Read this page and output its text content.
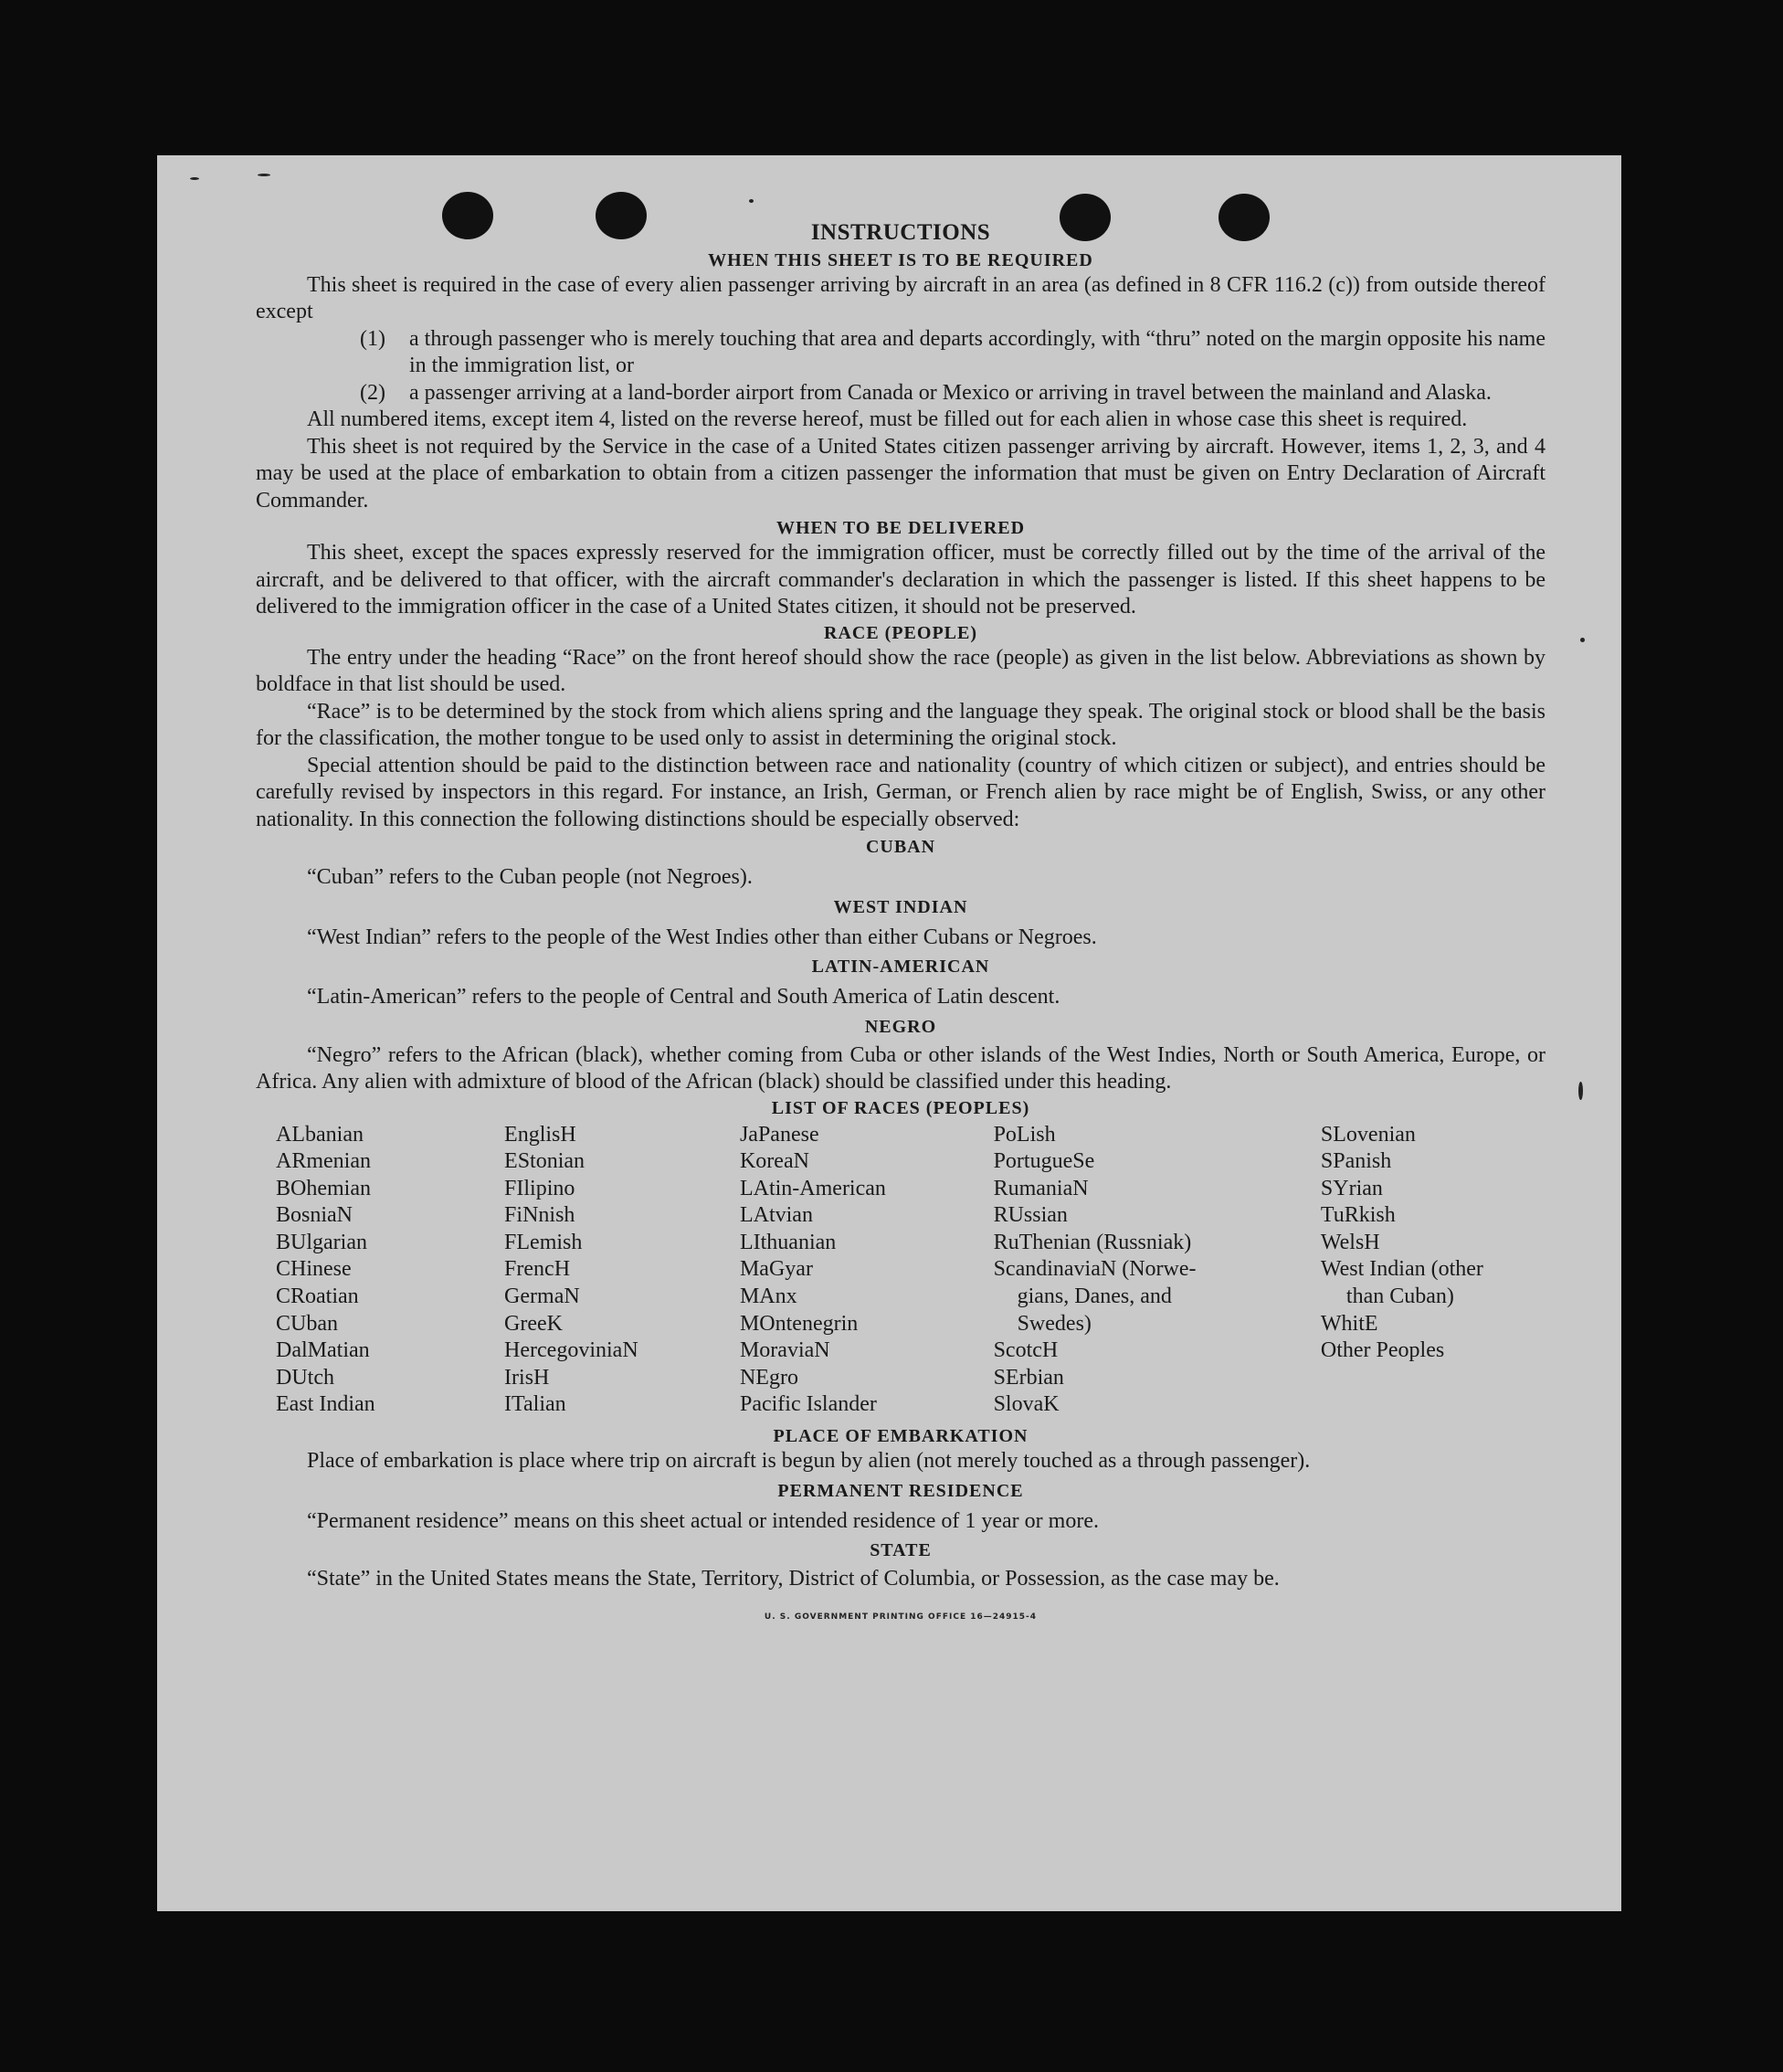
INSTRUCTIONS
WHEN THIS SHEET IS TO BE REQUIRED

This sheet is required in the case of every alien passenger arriving by aircraft in an area (as defined in 8 CFR 116.2 (c)) from outside thereof except

(1)	a through passenger who is merely touching that area and departs accordingly, with “thru” noted on the margin opposite his name in the immigration list, or
(2)	a passenger arriving at a land-border airport from Canada or Mexico or arriving in travel between the mainland and Alaska.

All numbered items, except item 4, listed on the reverse hereof, must be filled out for each alien in whose case this sheet is required.

This sheet is not required by the Service in the case of a United States citizen passenger arriving by aircraft. However, items 1, 2, 3, and 4 may be used at the place of embarkation to obtain from a citizen passenger the information that must be given on Entry Declaration of Aircraft Commander.

WHEN TO BE DELIVERED

This sheet, except the spaces expressly reserved for the immigration officer, must be correctly filled out by the time of the arrival of the aircraft, and be delivered to that officer, with the aircraft commander's declaration in which the passenger is listed. If this sheet happens to be delivered to the immigration officer in the case of a United States citizen, it should not be preserved.

RACE (PEOPLE)

The entry under the heading “Race” on the front hereof should show the race (people) as given in the list below. Abbreviations as shown by boldface in that list should be used.

“Race” is to be determined by the stock from which aliens spring and the language they speak. The original stock or blood shall be the basis for the classification, the mother tongue to be used only to assist in determining the original stock.

Special attention should be paid to the distinction between race and nationality (country of which citizen or subject), and entries should be carefully revised by inspectors in this regard. For instance, an Irish, German, or French alien by race might be of English, Swiss, or any other nationality. In this connection the following distinctions should be especially observed:

CUBAN

“Cuban” refers to the Cuban people (not Negroes).

WEST INDIAN

“West Indian” refers to the people of the West Indies other than either Cubans or Negroes.

LATIN-AMERICAN

“Latin-American” refers to the people of Central and South America of Latin descent.

NEGRO

“Negro” refers to the African (black), whether coming from Cuba or other islands of the West Indies, North or South America, Europe, or Africa. Any alien with admixture of blood of the African (black) should be classified under this heading.

LIST OF RACES (PEOPLES)
ALbanian
ARmenian
BOhemian
BosniaN
BUlgarian
CHinese
CRoatian
CUban
DalMatian
DUtch
East Indian
EnglisH
EStonian
FIlipino
FiNnish
FLemish
FrencH
GermaN
GreeK
HercegoviniaN
IrisH
ITalian
JaPanese
KoreaN
LAtin-American
LAtvian
LIthuanian
MaGyar
MAnx
MOntenegrin
MoraviaN
NEgro
Pacific Islander
PoLish
PortugueSe
RumaniaN
RUssian
RuThenian (Russniak)
ScandinaviaN (Norwe-
gians, Danes, and
Swedes)
ScotcH
SErbian
SlovaK
SLovenian
SPanish
SYrian
TuRkish
WelsH
West Indian (other
than Cuban)
WhitE
Other Peoples
PLACE OF EMBARKATION

Place of embarkation is place where trip on aircraft is begun by alien (not merely touched as a through passenger).

PERMANENT RESIDENCE

“Permanent residence” means on this sheet actual or intended residence of 1 year or more.

STATE

“State” in the United States means the State, Territory, District of Columbia, or Possession, as the case may be.

U. S. GOVERNMENT PRINTING OFFICE 16—24915-4
